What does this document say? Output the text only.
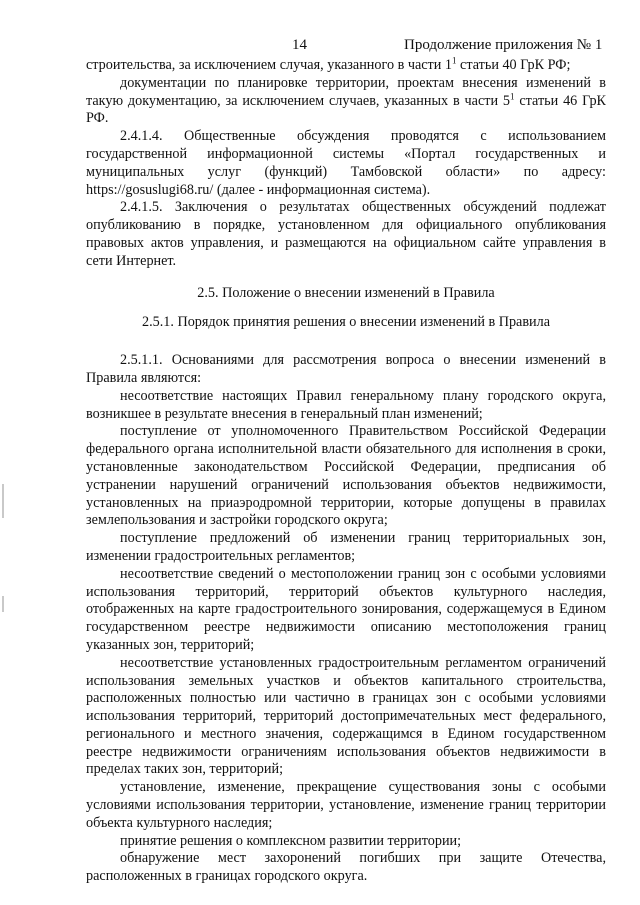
14	Продолжение приложения № 1

строительства, за исключением случая, указанного в части $1^1$ статьи 40 ГрК РФ;

документации по планировке территории, проектам внесения изменений в такую документацию, за исключением случаев, указанных в части $5^1$ статьи 46 ГрК РФ.

2.4.1.4. Общественные обсуждения проводятся с использованием государственной информационной системы «Портал государственных и муниципальных услуг (функций) Тамбовской области» по адресу: https://gosuslugi68.ru/ (далее - информационная система).

2.4.1.5. Заключения о результатах общественных обсуждений подлежат опубликованию в порядке, установленном для официального опубликования правовых актов управления, и размещаются на официальном сайте управления в сети Интернет.

2.5. Положение о внесении изменений в Правила

2.5.1. Порядок принятия решения о внесении изменений в Правила

2.5.1.1. Основаниями для рассмотрения вопроса о внесении изменений в Правила являются:

несоответствие настоящих Правил генеральному плану городского округа, возникшее в результате внесения в генеральный план изменений;

поступление от уполномоченного Правительством Российской Федерации федерального органа исполнительной власти обязательного для исполнения в сроки, установленные законодательством Российской Федерации, предписания об устранении нарушений ограничений использования объектов недвижимости, установленных на приаэродромной территории, которые допущены в правилах землепользования и застройки городского округа;

поступление предложений об изменении границ территориальных зон, изменении градостроительных регламентов;

несоответствие сведений о местоположении границ зон с особыми условиями использования территорий, территорий объектов культурного наследия, отображенных на карте градостроительного зонирования, содержащемуся в Едином государственном реестре недвижимости описанию местоположения границ указанных зон, территорий;

несоответствие установленных градостроительным регламентом ограничений использования земельных участков и объектов капитального строительства, расположенных полностью или частично в границах зон с особыми условиями использования территорий, территорий достопримечательных мест федерального, регионального и местного значения, содержащимся в Едином государственном реестре недвижимости ограничениям использования объектов недвижимости в пределах таких зон, территорий;

установление, изменение, прекращение существования зоны с особыми условиями использования территории, установление, изменение границ территории объекта культурного наследия;

принятие решения о комплексном развитии территории;

обнаружение мест захоронений погибших при защите Отечества, расположенных в границах городского округа.
